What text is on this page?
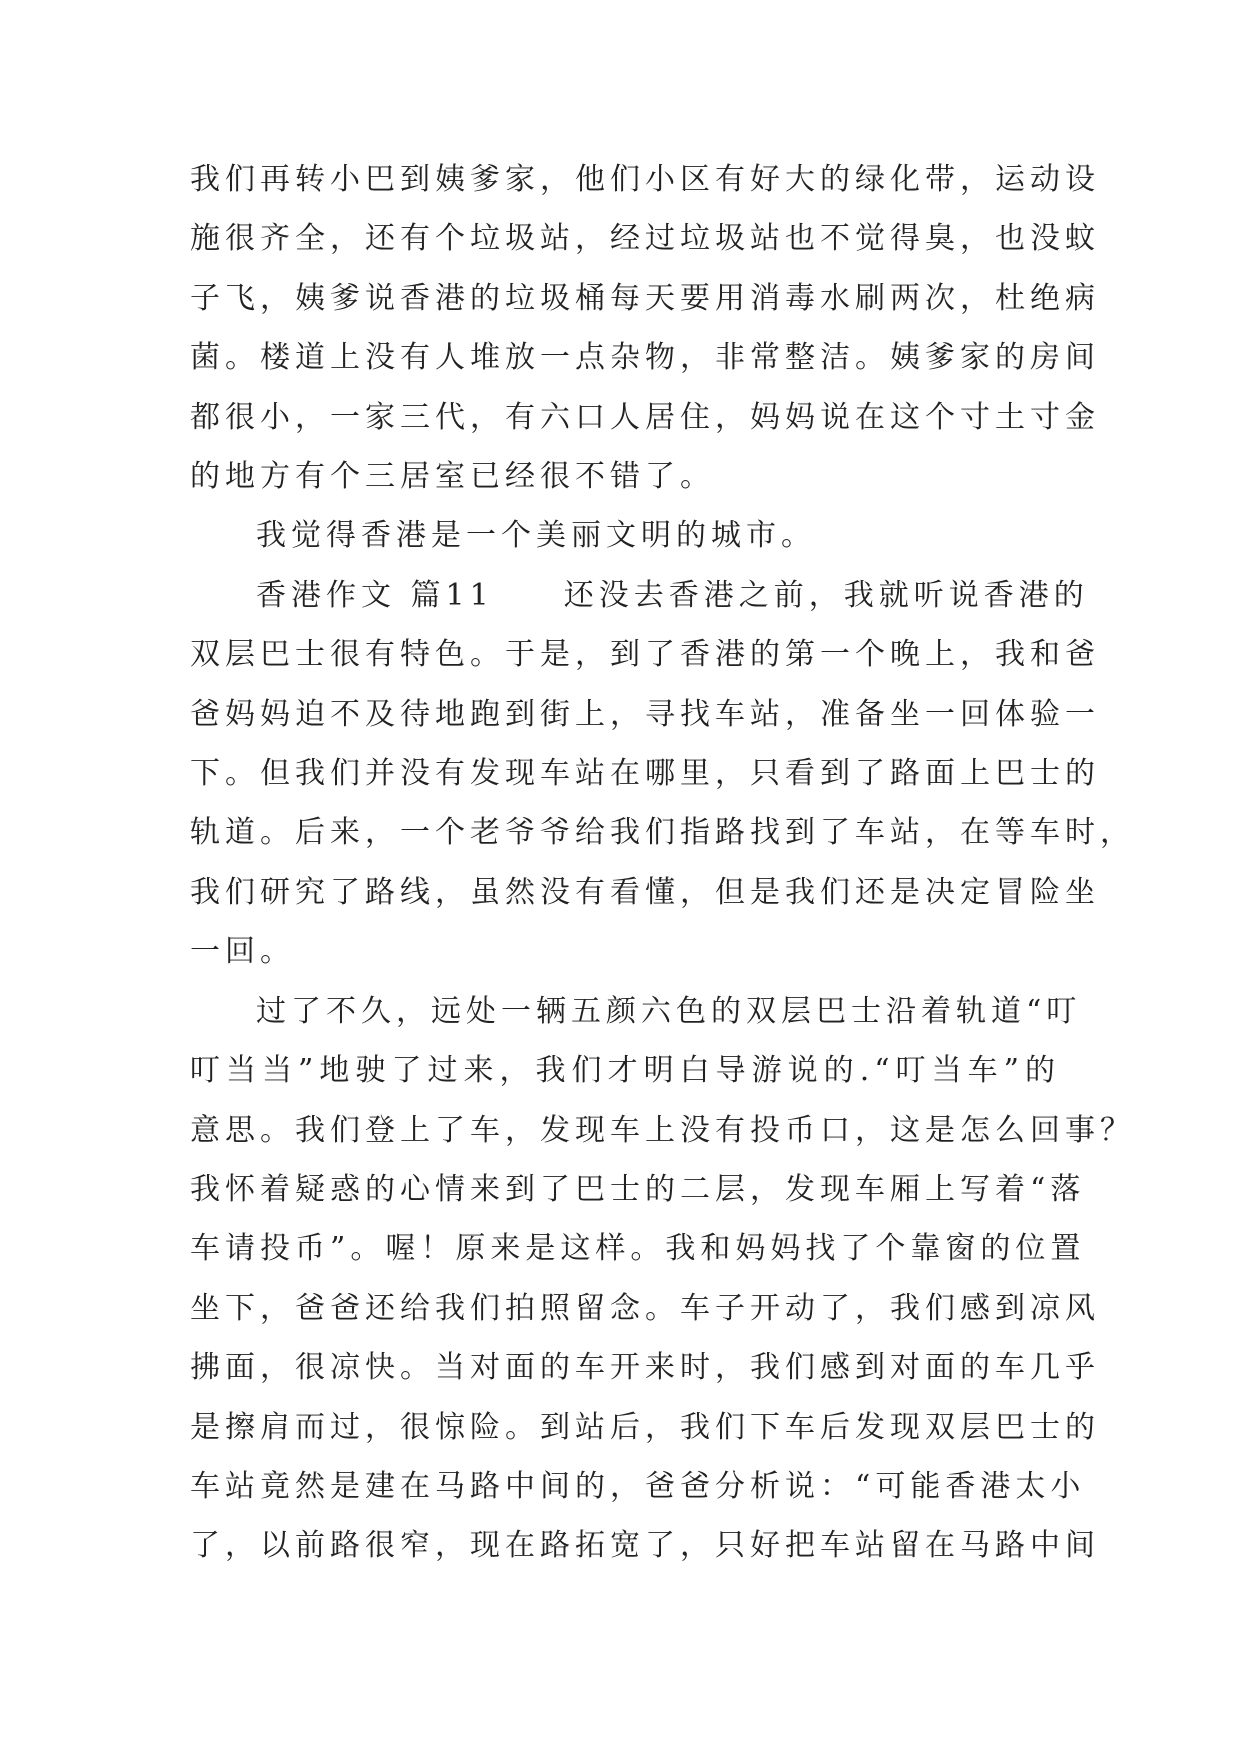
我们再转小巴到姨爹家，他们小区有好大的绿化带，运动设
施很齐全，还有个垃圾站，经过垃圾站也不觉得臭，也没蚊
子飞，姨爹说香港的垃圾桶每天要用消毒水刷两次，杜绝病
菌。楼道上没有人堆放一点杂物，非常整洁。姨爹家的房间
都很小，一家三代，有六口人居住，妈妈说在这个寸土寸金
的地方有个三居室已经很不错了。
我觉得香港是一个美丽文明的城市。
香港作文 篇11　　还没去香港之前，我就听说香港的
双层巴士很有特色。于是，到了香港的第一个晚上，我和爸
爸妈妈迫不及待地跑到街上，寻找车站，准备坐一回体验一
下。但我们并没有发现车站在哪里，只看到了路面上巴士的
轨道。后来，一个老爷爷给我们指路找到了车站，在等车时，
我们研究了路线，虽然没有看懂，但是我们还是决定冒险坐
一回。
过了不久，远处一辆五颜六色的双层巴士沿着轨道“叮
叮当当”地驶了过来，我们才明白导游说的.“叮当车”的
意思。我们登上了车，发现车上没有投币口，这是怎么回事？
我怀着疑惑的心情来到了巴士的二层，发现车厢上写着“落
车请投币”。喔！原来是这样。我和妈妈找了个靠窗的位置
坐下，爸爸还给我们拍照留念。车子开动了，我们感到凉风
拂面，很凉快。当对面的车开来时，我们感到对面的车几乎
是擦肩而过，很惊险。到站后，我们下车后发现双层巴士的
车站竟然是建在马路中间的，爸爸分析说：“可能香港太小
了，以前路很窄，现在路拓宽了，只好把车站留在马路中间
